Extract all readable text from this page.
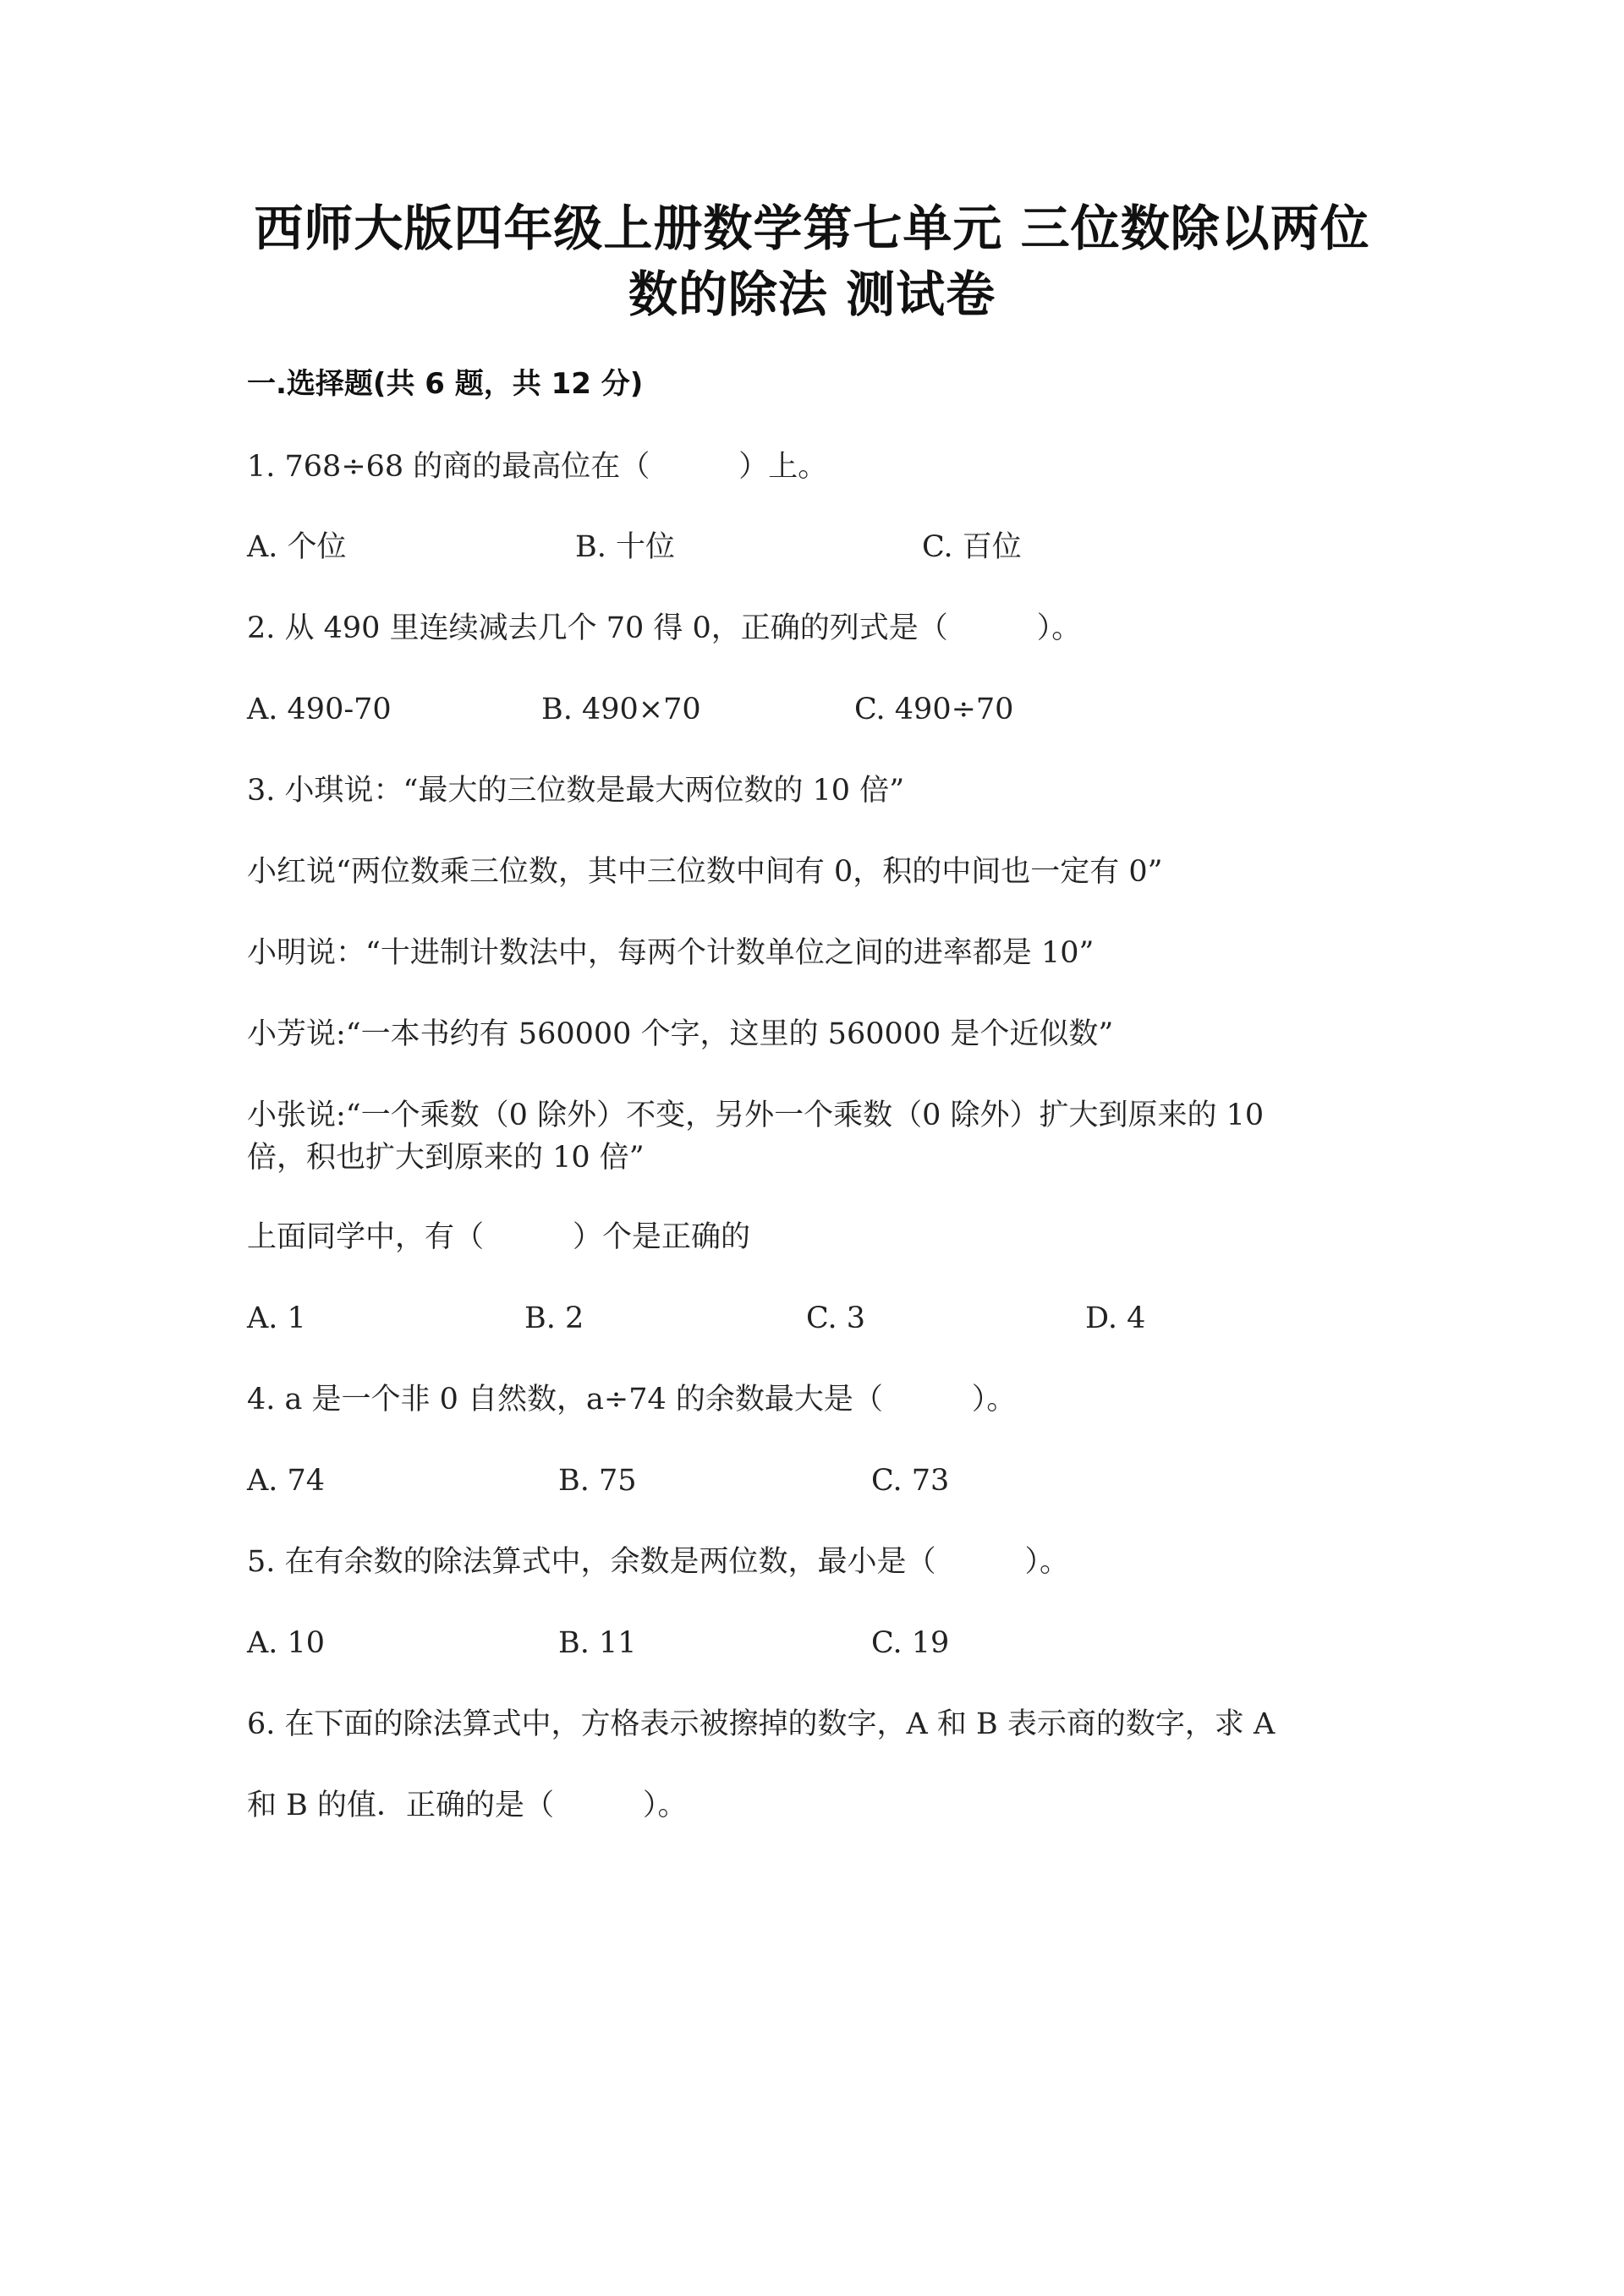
西师大版四年级上册数学第七单元 三位数除以两位
数的除法 测试卷
一.选择题(共 6 题，共 12 分)
1. 768÷68 的商的最高位在（　　　）上。
A. 个位	B. 十位	C. 百位
2. 从 490 里连续减去几个 70 得 0，正确的列式是（　　　）。
A. 490-70	B. 490×70	C. 490÷70
3. 小琪说：“最大的三位数是最大两位数的 10 倍”
小红说“两位数乘三位数，其中三位数中间有 0，积的中间也一定有 0”
小明说：“十进制计数法中，每两个计数单位之间的进率都是 10”
小芳说:“一本书约有 560000 个字，这里的 560000 是个近似数”
小张说:“一个乘数（0 除外）不变，另外一个乘数（0 除外）扩大到原来的 10
倍，积也扩大到原来的 10 倍”
上面同学中，有（　　　）个是正确的
A. 1	B. 2	C. 3	D. 4
4. a 是一个非 0 自然数，a÷74 的余数最大是（　　　）。
A. 74	B. 75	C. 73
5. 在有余数的除法算式中，余数是两位数，最小是（　　　）。
A. 10	B. 11	C. 19
6. 在下面的除法算式中，方格表示被擦掉的数字，A 和 B 表示商的数字，求 A
和 B 的值．正确的是（　　　）。
